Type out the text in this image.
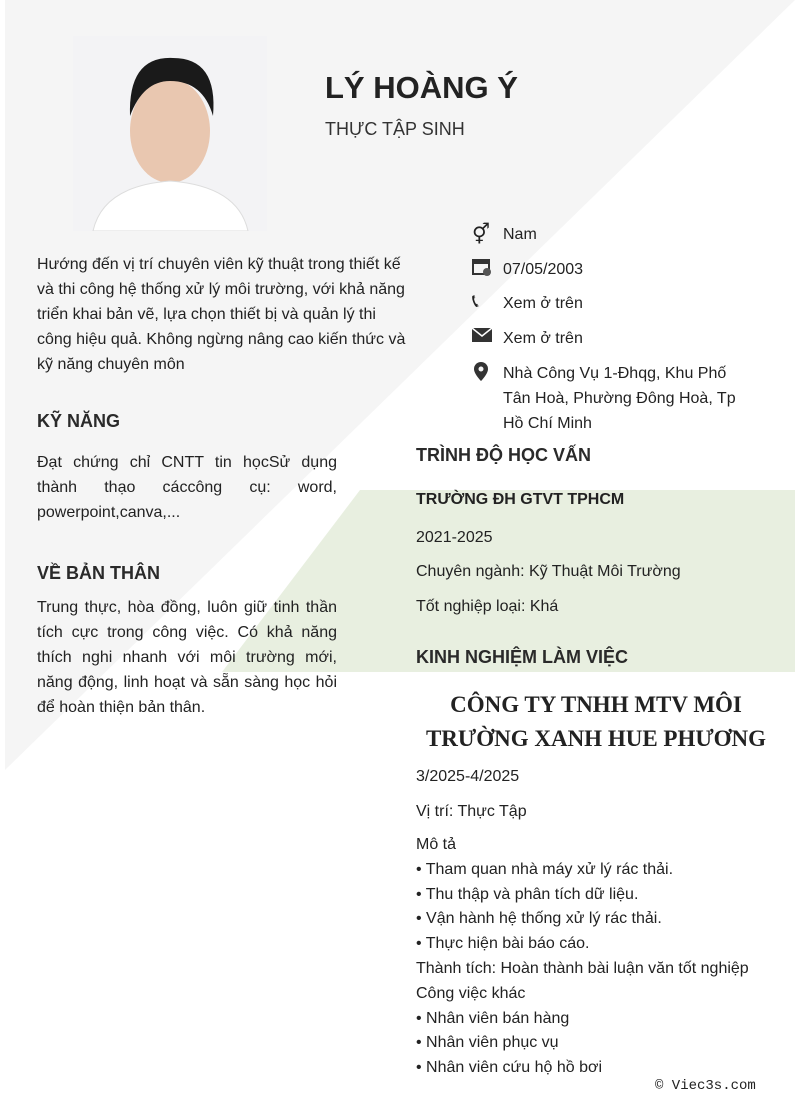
LÝ HOÀNG Ý
THỰC TẬP SINH
Hướng đến vị trí chuyên viên kỹ thuật trong thiết kế và thi công hệ thống xử lý môi trường, với khả năng triển khai bản vẽ, lựa chọn thiết bị và quản lý thi công hiệu quả. Không ngừng nâng cao kiến thức và kỹ năng chuyên môn
⚥ Nam
07/05/2003
📞︎	Xem ở trên
Xem ở trên
Nhà Công Vụ 1-Đhqg, Khu Phố Tân Hoà, Phường Đông Hoà, Tp Hồ Chí Minh
KỸ NĂNG
Đạt chứng chỉ CNTT tin họcSử dụng thành thạo cáccông cụ: word, powerpoint,canva,...
VỀ BẢN THÂN
Trung thực, hòa đồng, luôn giữ tinh thần tích cực trong công việc. Có khả năng thích nghi nhanh với môi trường mới, năng động, linh hoạt và sẵn sàng học hỏi để hoàn thiện bản thân.
TRÌNH ĐỘ HỌC VẤN
TRƯỜNG ĐH GTVT TPHCM
2021-2025
Chuyên ngành: Kỹ Thuật Môi Trường
Tốt nghiệp loại: Khá
KINH NGHIỆM LÀM VIỆC
CÔNG TY TNHH MTV MÔI TRƯỜNG XANH HUE PHƯƠNG
3/2025-4/2025
Vị trí: Thực Tập
Mô tả
• Tham quan nhà máy xử lý rác thải.
• Thu thập và phân tích dữ liệu.
• Vận hành hệ thống xử lý rác thải.
• Thực hiện bài báo cáo.
Thành tích: Hoàn thành bài luận văn tốt nghiệp
Công việc khác
• Nhân viên bán hàng
• Nhân viên phục vụ
• Nhân viên cứu hộ hồ bơi
© Viec3s.com
